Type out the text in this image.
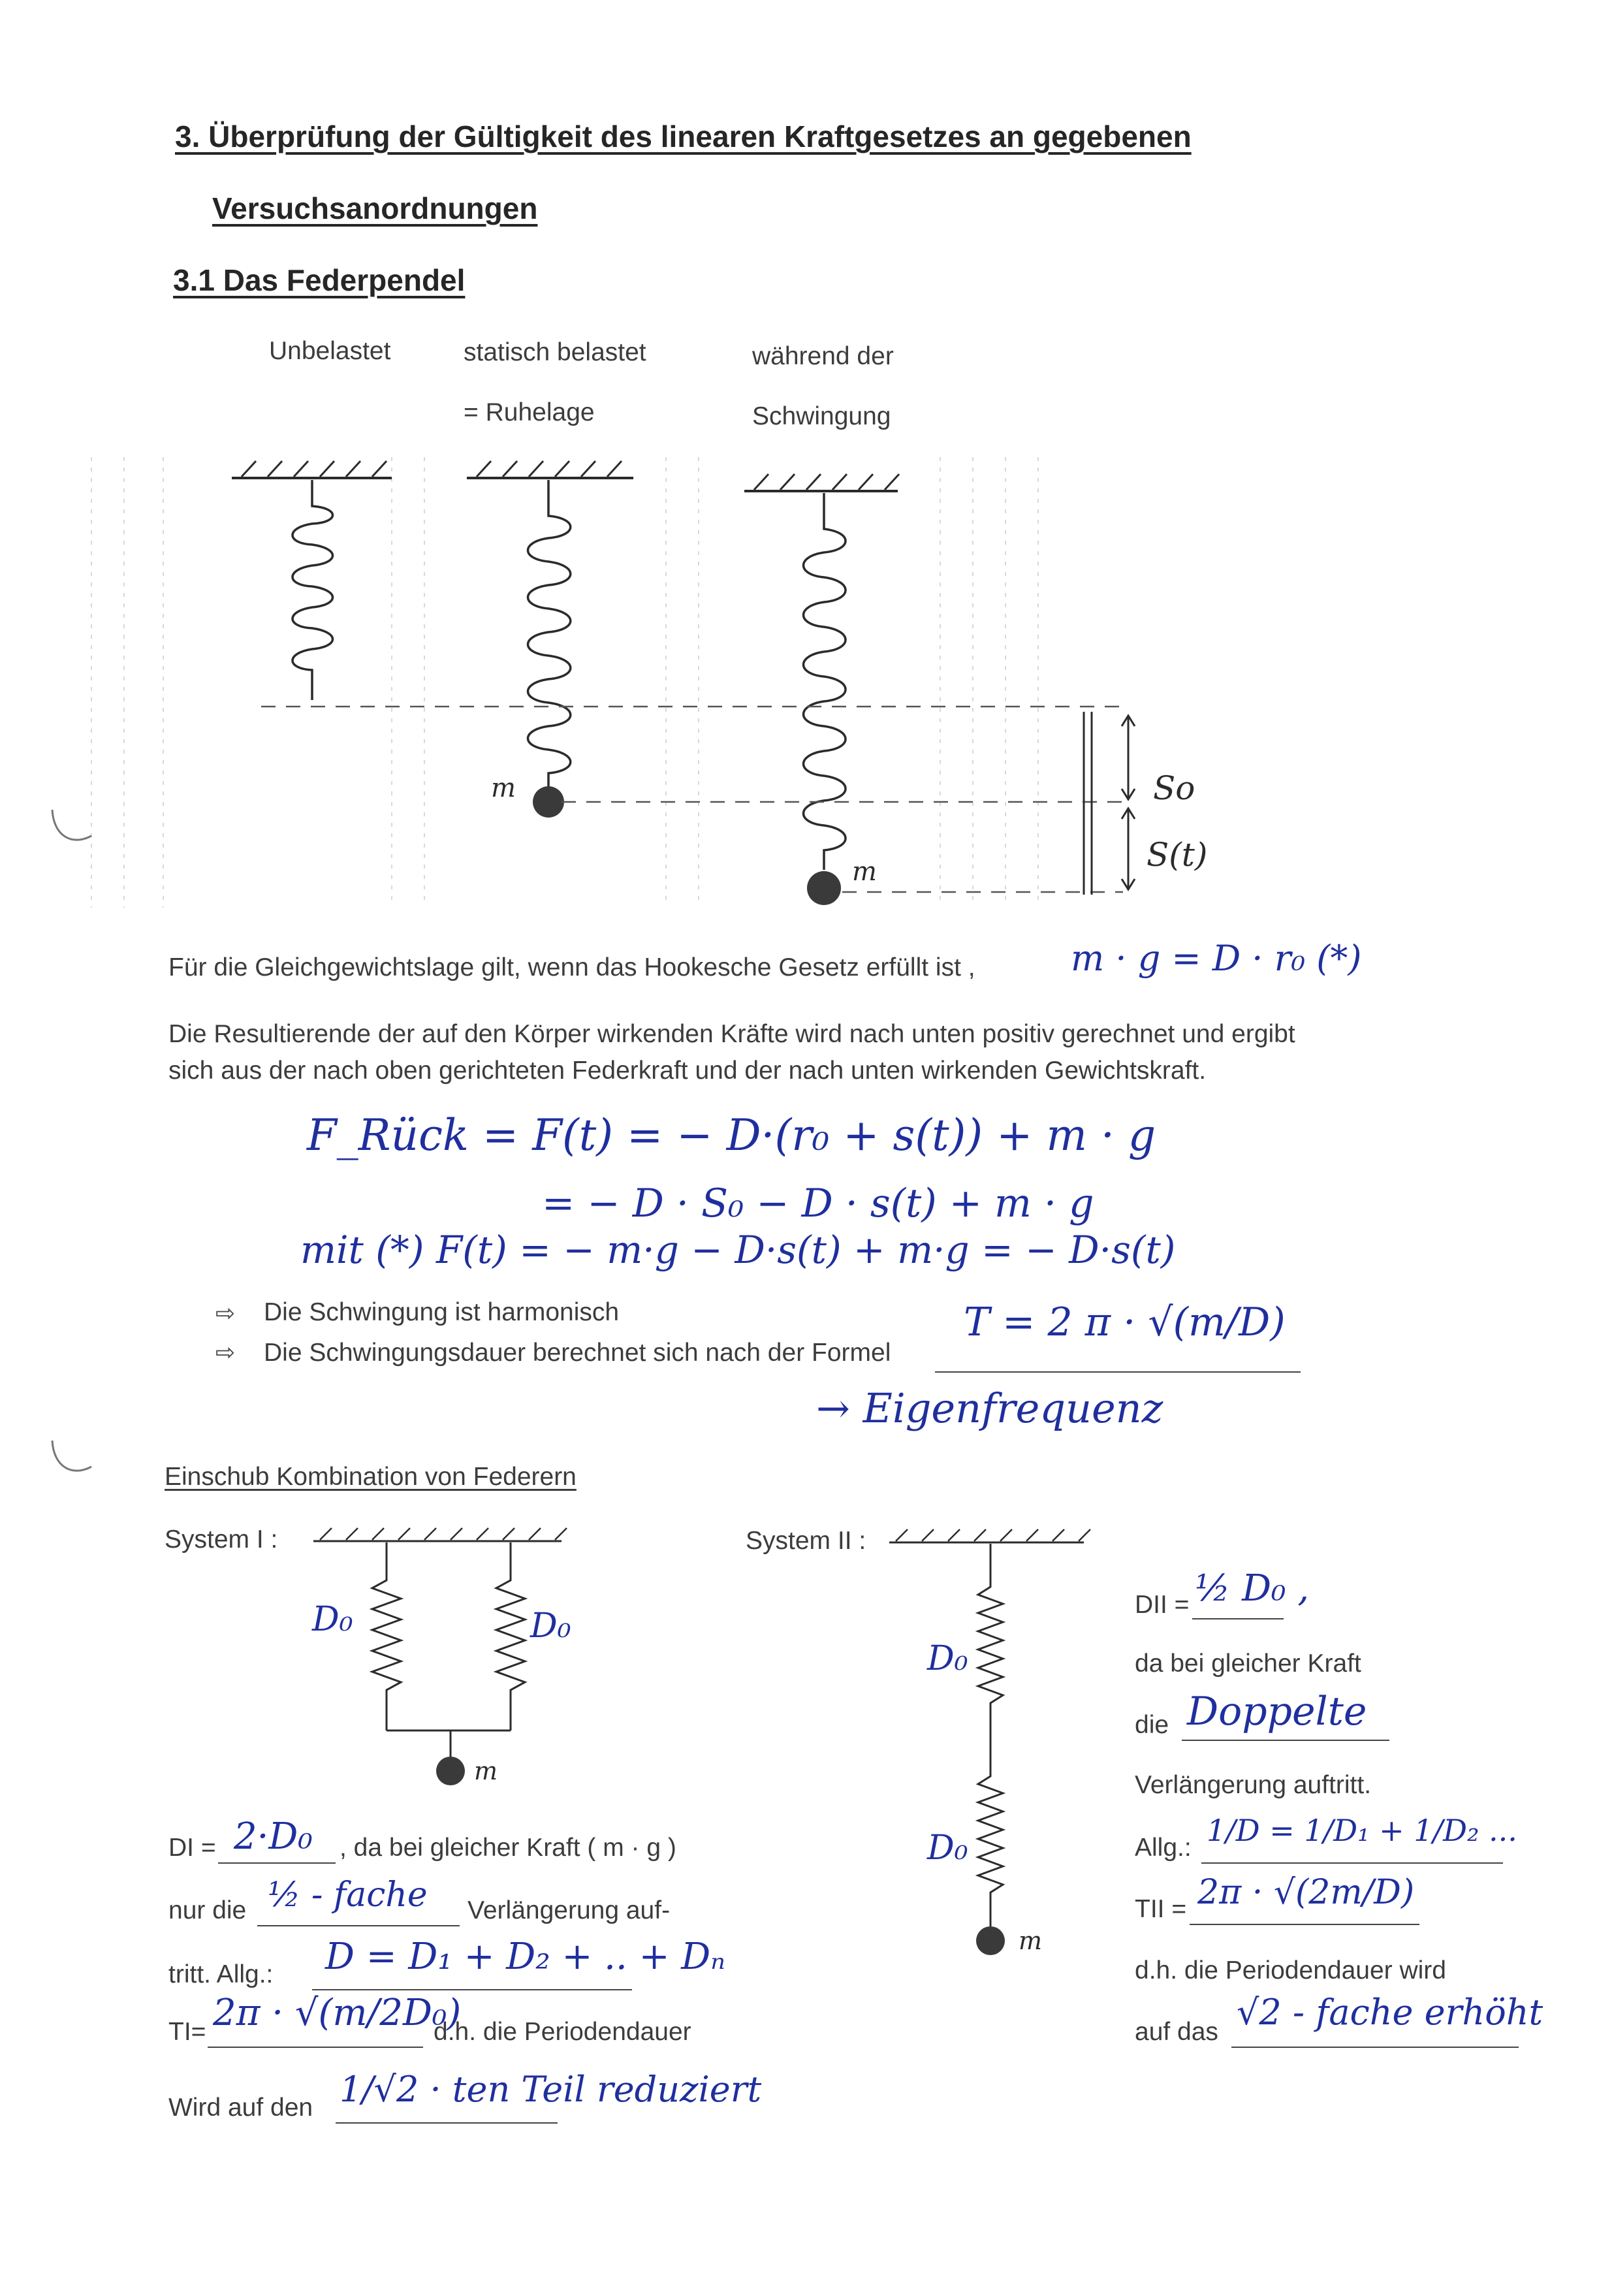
3. Überprüfung der Gültigkeit des linearen Kraftgesetzes an gegebenen
Versuchsanordnungen
3.1 Das Federpendel
Unbelastet	statisch belastet
= Ruhelage
während der
Schwingung
m
m
So
S(t)
Für die Gleichgewichtslage gilt, wenn das Hookesche Gesetz erfüllt ist ,	m · g = D · r₀ (*)
Die Resultierende der auf den Körper wirkenden Kräfte wird nach unten positiv gerechnet und ergibt
sich aus der nach oben gerichteten Federkraft und der nach unten wirkenden Gewichtskraft.
F_Rück = F(t) = − D·(r₀ + s(t)) + m · g
= − D · S₀ − D · s(t) + m · g
mit (*) F(t) = − m·g − D·s(t) + m·g = − D·s(t)
⇨ Die Schwingung ist harmonisch
⇨ Die Schwingungsdauer berechnet sich nach der Formel
T = 2 π · √(m/D)
→ Eigenfrequenz
Einschub Kombination von Federern
System I :
D₀	D₀
m
DI = 2·D₀ , da bei gleicher Kraft ( m · g )
nur die ½ - fache Verlängerung auf-
tritt. Allg.: D = D₁ + D₂ + .. + Dₙ
TI= 2π · √(m/2D₀)
d.h. die Periodendauer
Wird auf den 1/√2 · ten Teil reduziert
System II :
D₀
D₀
m
DII = ½ D₀ ,
da bei gleicher Kraft
die Doppelte
Verlängerung auftritt.
Allg.: 1/D = 1/D₁ + 1/D₂ ...
TII = 2π · √(2m/D)
d.h. die Periodendauer wird
auf das √2 - fache erhöht
